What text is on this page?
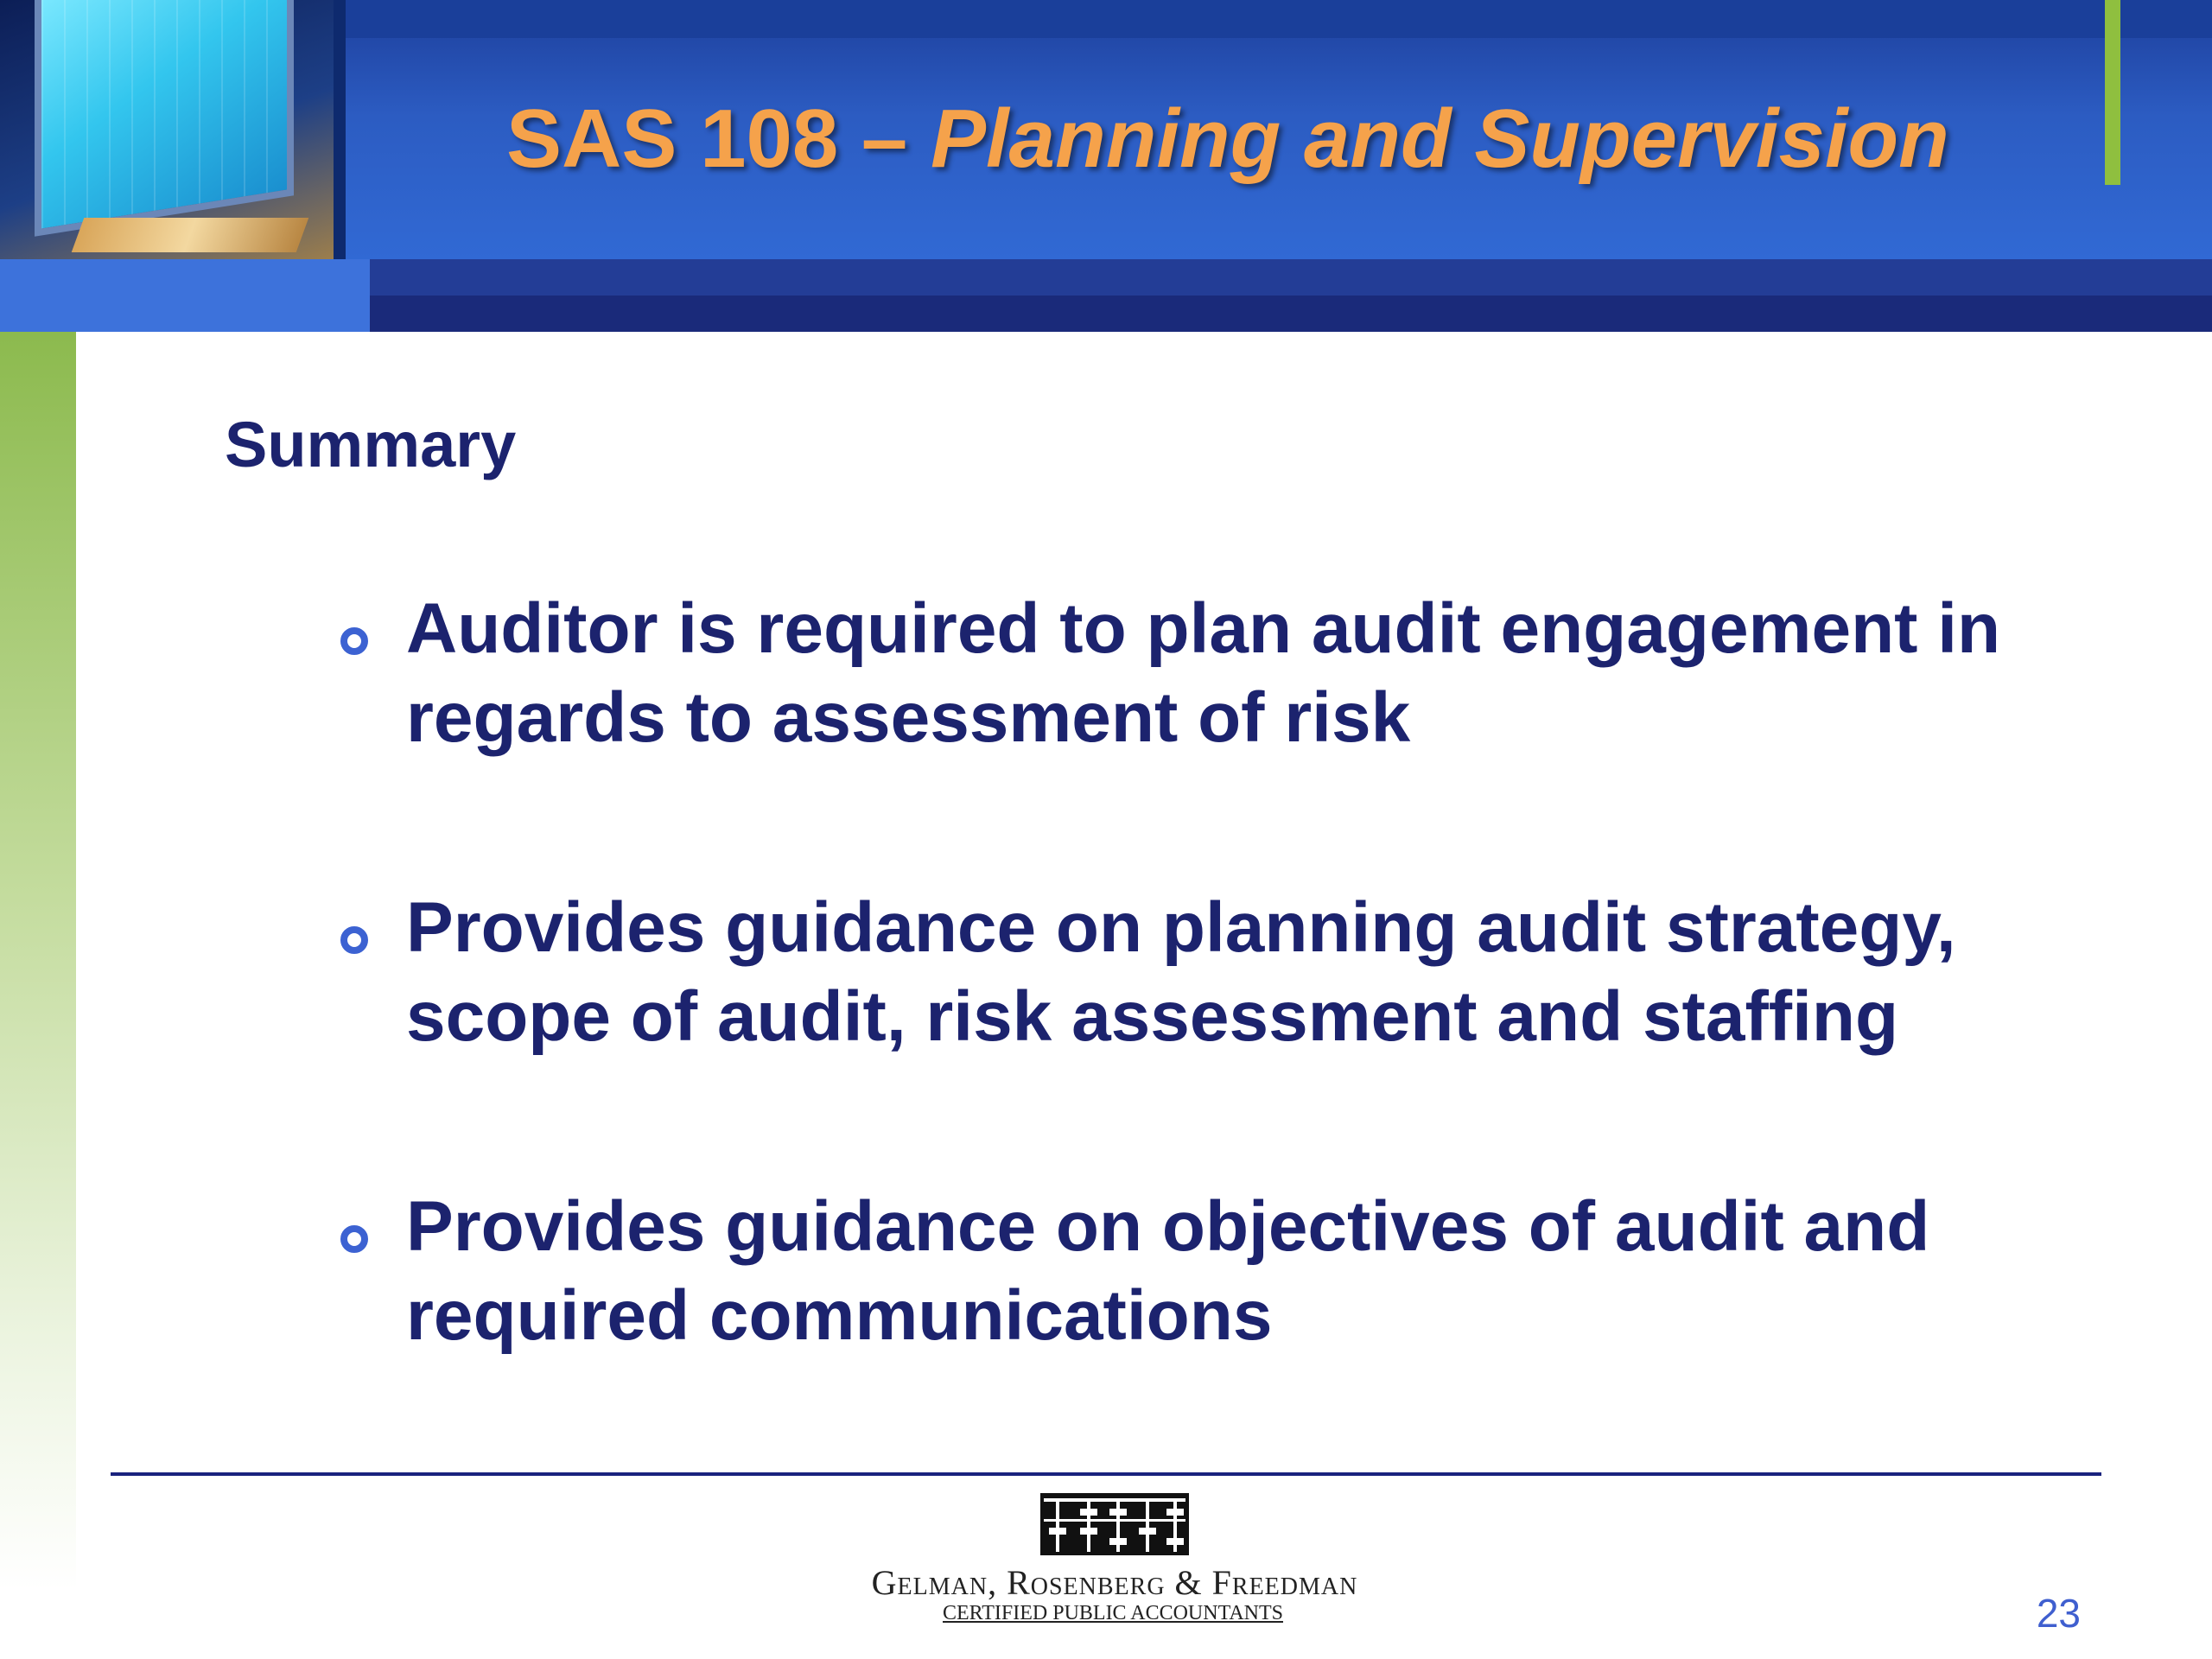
SAS 108 – Planning and Supervision
Summary
Auditor is required to plan audit engagement in regards to assessment of risk
Provides guidance on planning audit strategy, scope of audit, risk assessment and staffing
Provides guidance on objectives of audit and required communications
Gelman, Rosenberg & Freedman
CERTIFIED PUBLIC ACCOUNTANTS	23
